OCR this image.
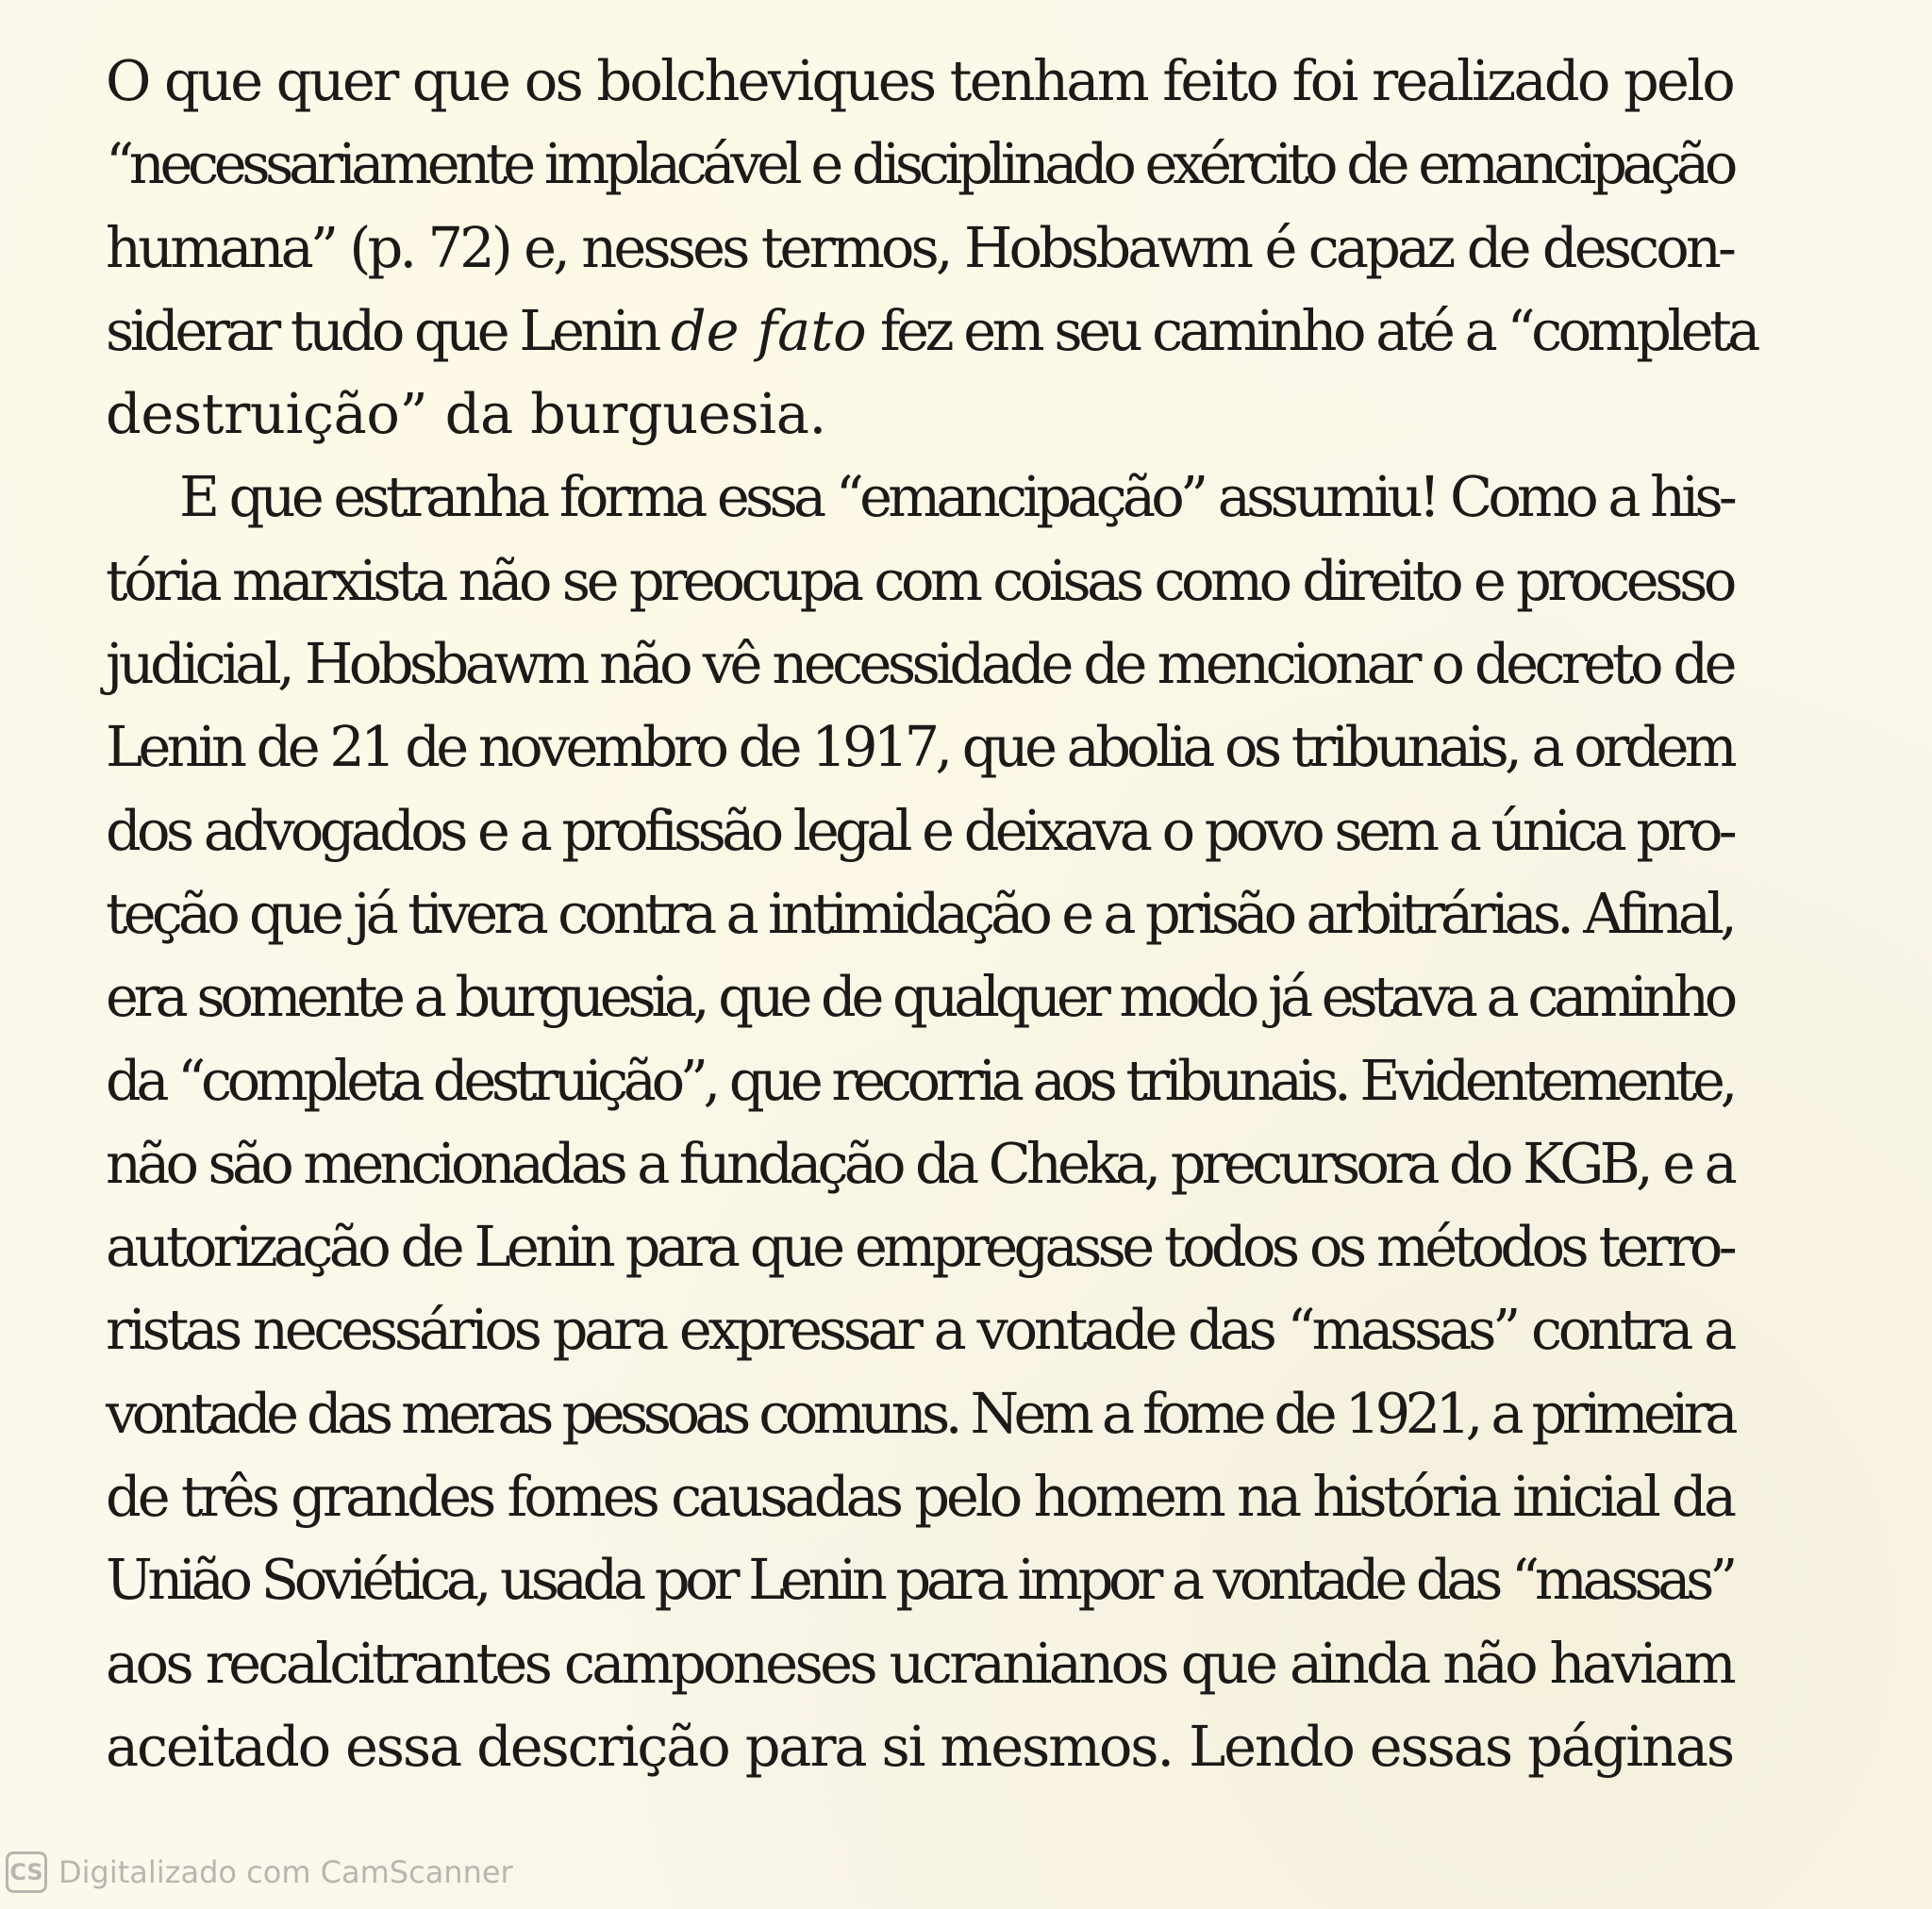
O que quer que os bolcheviques tenham feito foi realizado pelo
“necessariamente implacável e disciplinado exército de emancipação
humana” (p. 72) e, nesses termos, Hobsbawm é capaz de descon-
siderar tudo que Lenin de fato fez em seu caminho até a “completa
destruição” da burguesia.
E que estranha forma essa “emancipação” assumiu! Como a his-
tória marxista não se preocupa com coisas como direito e processo
judicial, Hobsbawm não vê necessidade de mencionar o decreto de
Lenin de 21 de novembro de 1917, que abolia os tribunais, a ordem
dos advogados e a profissão legal e deixava o povo sem a única pro-
teção que já tivera contra a intimidação e a prisão arbitrárias. Afinal,
era somente a burguesia, que de qualquer modo já estava a caminho
da “completa destruição”, que recorria aos tribunais. Evidentemente,
não são mencionadas a fundação da Cheka, precursora do KGB, e a
autorização de Lenin para que empregasse todos os métodos terro-
ristas necessários para expressar a vontade das “massas” contra a
vontade das meras pessoas comuns. Nem a fome de 1921, a primeira
de três grandes fomes causadas pelo homem na história inicial da
União Soviética, usada por Lenin para impor a vontade das “massas”
aos recalcitrantes camponeses ucranianos que ainda não haviam
aceitado essa descrição para si mesmos. Lendo essas páginas
CS Digitalizado com CamScanner
